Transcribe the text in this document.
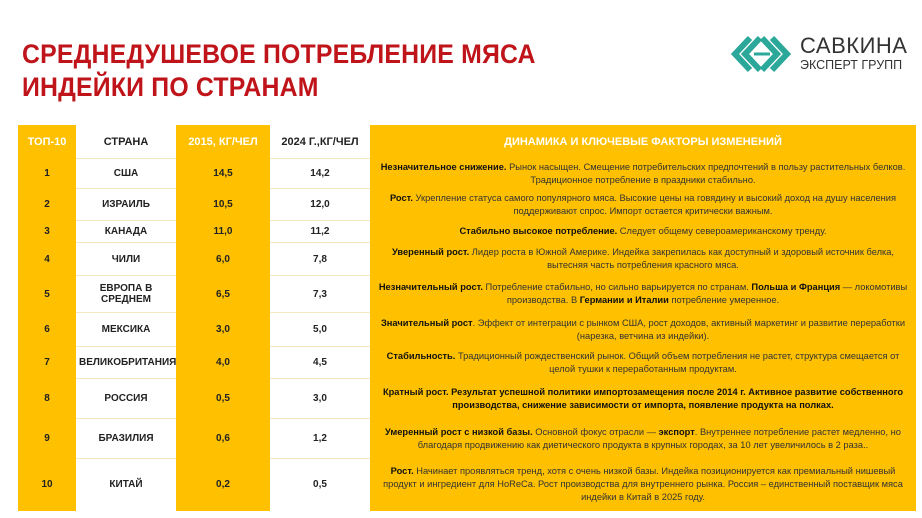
СРЕДНЕДУШЕВОЕ ПОТРЕБЛЕНИЕ МЯСА
ИНДЕЙКИ ПО СТРАНАМ
САВКИНА
ЭКСПЕРТ ГРУПП
ТОП-10	СТРАНА	2015, КГ/ЧЕЛ	2024 Г.,КГ/ЧЕЛ	ДИНАМИКА И КЛЮЧЕВЫЕ ФАКТОРЫ ИЗМЕНЕНИЙ
1	США	14,5	14,2	Незначительное снижение. Рынок насыщен. Смещение потребительских предпочтений в пользу растительных белков. Традиционное потребление в праздники стабильно.
2	ИЗРАИЛЬ	10,5	12,0	Рост. Укрепление статуса самого популярного мяса. Высокие цены на говядину и высокий доход на душу населения поддерживают спрос. Импорт остается критически важным.
3	КАНАДА	11,0	11,2	Стабильно высокое потребление. Следует общему североамериканскому тренду.
4	ЧИЛИ	6,0	7,8	Уверенный рост. Лидер роста в Южной Америке. Индейка закрепилась как доступный и здоровый источник белка, вытесняя часть потребления красного мяса.
5	ЕВРОПА В СРЕДНЕМ	6,5	7,3	Незначительный рост. Потребление стабильно, но сильно варьируется по странам. Польша и Франция — локомотивы производства. В Германии и Италии потребление умеренное.
6	МЕКСИКА	3,0	5,0	Значительный рост. Эффект от интеграции с рынком США, рост доходов, активный маркетинг и развитие переработки (нарезка, ветчина из индейки).
7	ВЕЛИКОБРИТАНИЯ	4,0	4,5	Стабильность. Традиционный рождественский рынок. Общий объем потребления не растет, структура смещается от целой тушки к переработанным продуктам.
8	РОССИЯ	0,5	3,0	Кратный рост. Результат успешной политики импортозамещения после 2014 г. Активное развитие собственного производства, снижение зависимости от импорта, появление продукта на полках.
9	БРАЗИЛИЯ	0,6	1,2	Умеренный рост с низкой базы. Основной фокус отрасли — экспорт. Внутреннее потребление растет медленно, но благодаря продвижению как диетического продукта в крупных городах, за 10 лет увеличилось в 2 раза..
10	КИТАЙ	0,2	0,5	Рост. Начинает проявляться тренд, хотя с очень низкой базы. Индейка позиционируется как премиальный нишевый продукт и ингредиент для HoReCa. Рост производства для внутреннего рынка. Россия – единственный поставщик мяса индейки в Китай в 2025 году.
